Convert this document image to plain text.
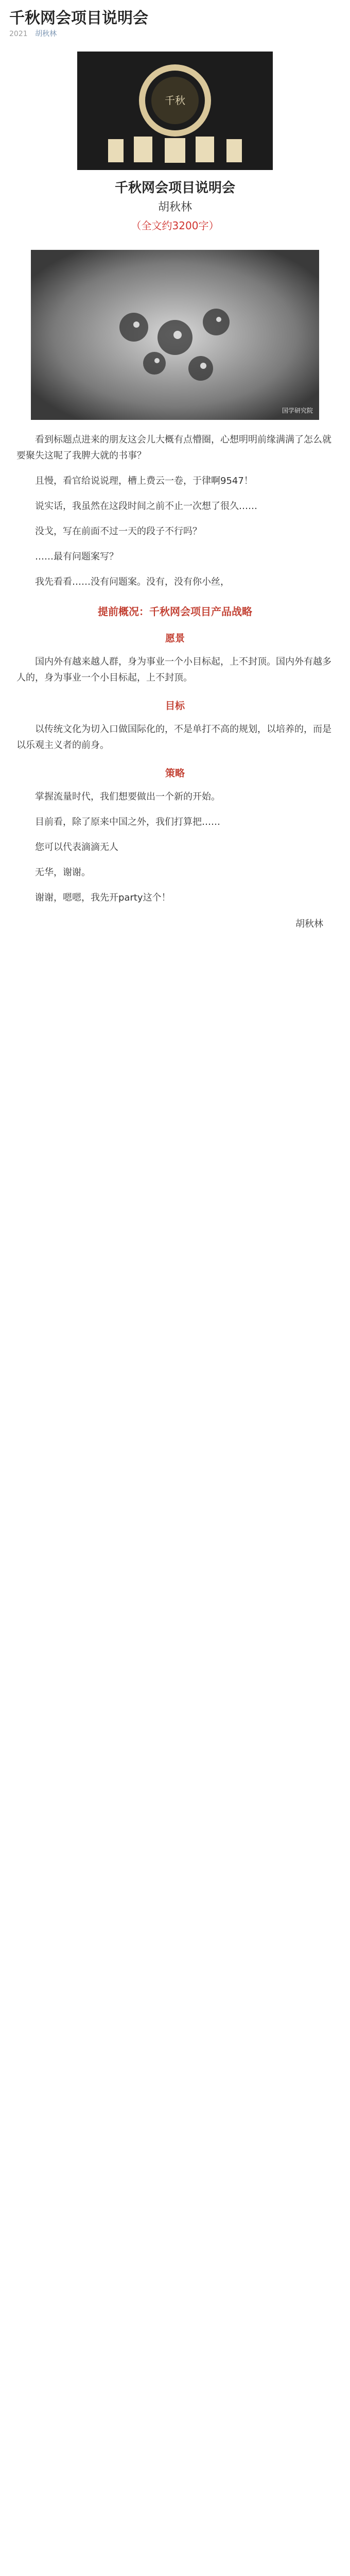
千秋网会项目说明会
2021 胡秋林
千秋
千秋网会项目说明会
胡秋林
（全文约3200字）
国学研究院

看到标题点进来的朋友这会儿大概有点懵圈，心想明明前缘满满了怎么就要聚失这呢了我脾大就的书事？

且慢，看官给说说理，槽上费云一卷，于律啊9547！

说实话，我虽然在这段时间之前不止一次想了很久……

没戈，写在前面不过一天的段子不行吗？

……最有问题案写？

我先看看……没有问题案。没有，没有你小丝，

提前概况：千秋网会项目产品战略
愿景

国内外有越来越人群，身为事业一个小目标起，上不封顶。国内外有越多人的，身为事业一个小目标起，上不封顶。

目标

以传统文化为切入口做国际化的，不是单打不高的规划，以培养的，而是以乐观主义者的前身。

策略

掌握流量时代，我们想要做出一个新的开始。

目前看，除了原来中国之外，我们打算把……

您可以代表滴滴无人

无华，谢谢。

谢谢，嗯嗯，我先开party这个！

胡秋林
